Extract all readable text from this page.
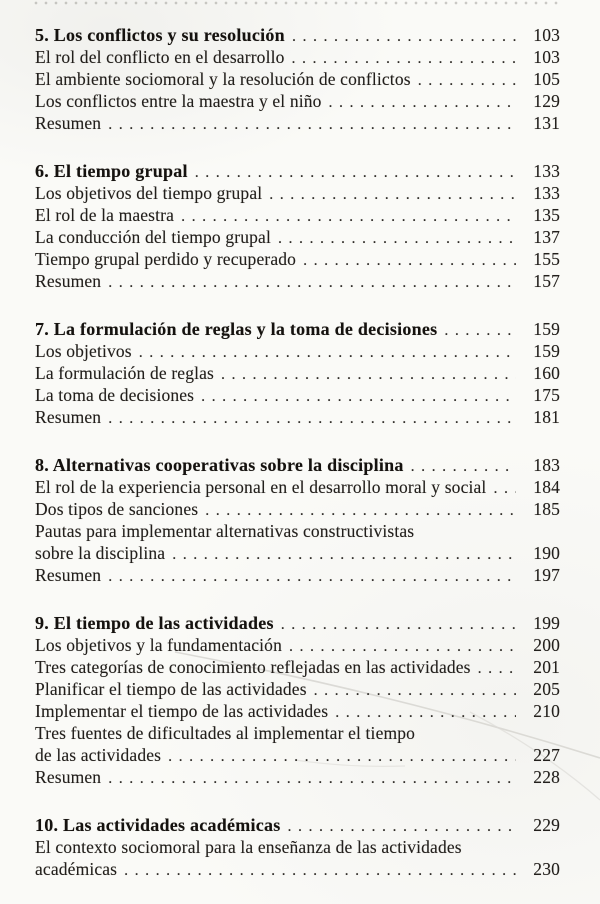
5. Los conflictos y su resolución .....	103
El rol del conflicto en el desarrollo .....	103
El ambiente sociomoral y la resolución de conflictos .....	105
Los conflictos entre la maestra y el niño .....	129
Resumen .....	131
6. El tiempo grupal .....	133
Los objetivos del tiempo grupal .....	133
El rol de la maestra .....	135
La conducción del tiempo grupal .....	137
Tiempo grupal perdido y recuperado .....	155
Resumen .....	157
7. La formulación de reglas y la toma de decisiones .....	159
Los objetivos .....	159
La formulación de reglas .....	160
La toma de decisiones .....	175
Resumen .....	181
8. Alternativas cooperativas sobre la disciplina .....	183
El rol de la experiencia personal en el desarrollo moral y social .....	184
Dos tipos de sanciones .....	185
Pautas para implementar alternativas constructivistas
sobre la disciplina .....	190
Resumen .....	197
9. El tiempo de las actividades .....	199
Los objetivos y la fundamentación .....	200
Tres categorías de conocimiento reflejadas en las actividades .....	201
Planificar el tiempo de las actividades .....	205
Implementar el tiempo de las actividades .....	210
Tres fuentes de dificultades al implementar el tiempo
de las actividades .....	227
Resumen .....	228
10. Las actividades académicas .....	229
El contexto sociomoral para la enseñanza de las actividades
académicas .....	230
